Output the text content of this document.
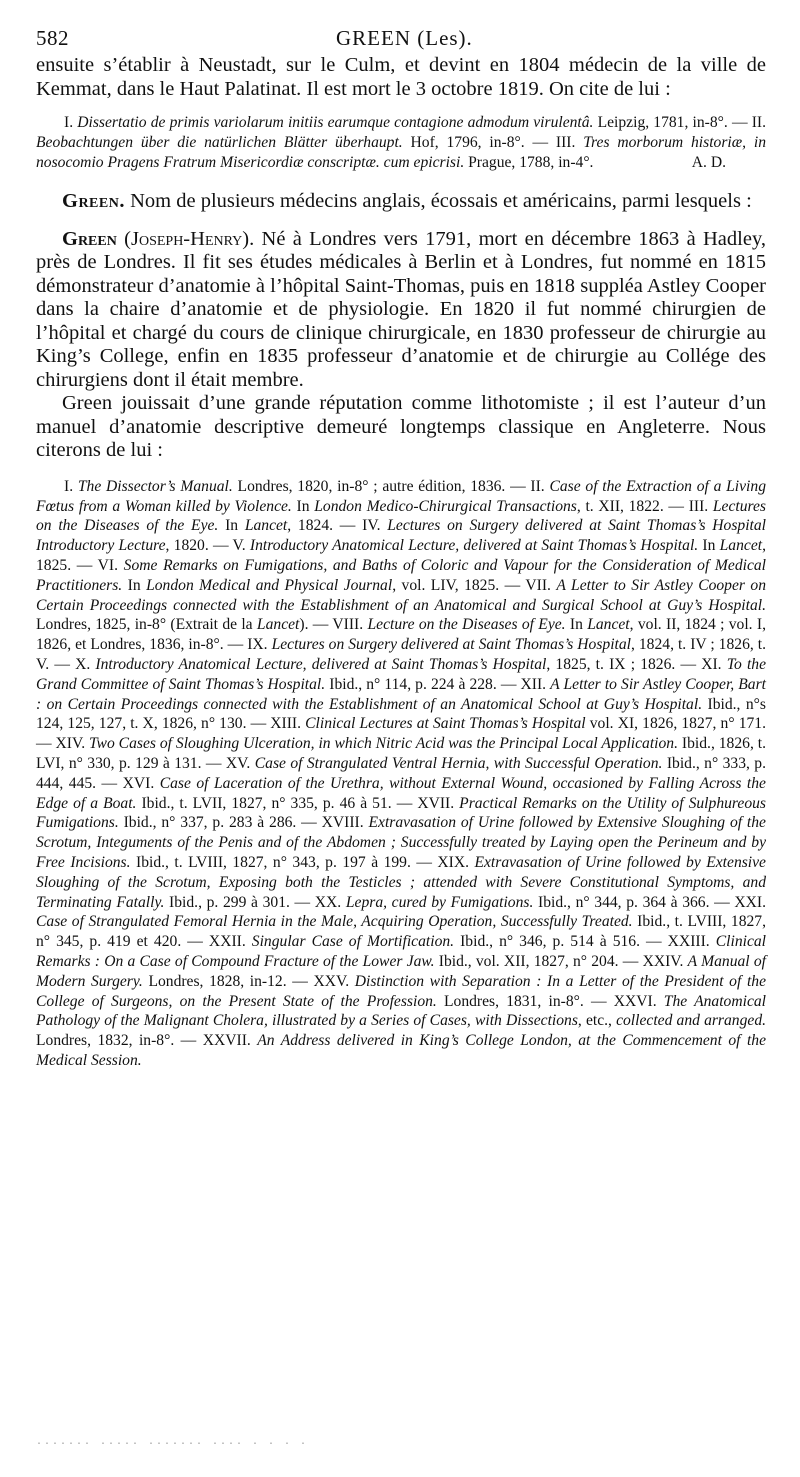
582	GREEN (Les).

ensuite s’établir à Neustadt, sur le Culm, et devint en 1804 médecin de la ville de Kemmat, dans le Haut Palatinat. Il est mort le 3 octobre 1819. On cite de lui :

I. Dissertatio de primis variolarum initiis earumque contagione admodum virulentâ. Leipzig, 1781, in-8°. — II. Beobachtungen über die natürlichen Blätter überhaupt. Hof, 1796, in-8°. — III. Tres morborum historiæ, in nosocomio Pragens Fratrum Misericordiæ conscriptæ. cum epicrisi. Prague, 1788, in-4°.	A. D.

Green. Nom de plusieurs médecins anglais, écossais et américains, parmi lesquels :

Green (Joseph-Henry). Né à Londres vers 1791, mort en décembre 1863 à Hadley, près de Londres. Il fit ses études médicales à Berlin et à Londres, fut nommé en 1815 démonstrateur d’anatomie à l’hôpital Saint-Thomas, puis en 1818 suppléa Astley Cooper dans la chaire d’anatomie et de physiologie. En 1820 il fut nommé chirurgien de l’hôpital et chargé du cours de clinique chirurgicale, en 1830 professeur de chirurgie au King’s College, enfin en 1835 professeur d’anatomie et de chirurgie au Collége des chirurgiens dont il était membre.

Green jouissait d’une grande réputation comme lithotomiste ; il est l’auteur d’un manuel d’anatomie descriptive demeuré longtemps classique en Angleterre. Nous citerons de lui :

I. The Dissector’s Manual. Londres, 1820, in-8° ; autre édition, 1836. — II. Case of the Extraction of a Living Fœtus from a Woman killed by Violence. In London Medico-Chirurgical Transactions, t. XII, 1822. — III. Lectures on the Diseases of the Eye. In Lancet, 1824. — IV. Lectures on Surgery delivered at Saint Thomas’s Hospital Introductory Lecture, 1820. — V. Introductory Anatomical Lecture, delivered at Saint Thomas’s Hospital. In Lancet, 1825. — VI. Some Remarks on Fumigations, and Baths of Coloric and Vapour for the Consideration of Medical Practitioners. In London Medical and Physical Journal, vol. LIV, 1825. — VII. A Letter to Sir Astley Cooper on Certain Proceedings connected with the Establishment of an Anatomical and Surgical School at Guy’s Hospital. Londres, 1825, in-8° (Extrait de la Lancet). — VIII. Lecture on the Diseases of Eye. In Lancet, vol. II, 1824 ; vol. I, 1826, et Londres, 1836, in-8°. — IX. Lectures on Surgery delivered at Saint Thomas’s Hospital, 1824, t. IV ; 1826, t. V. — X. Introductory Anatomical Lecture, delivered at Saint Thomas’s Hospital, 1825, t. IX ; 1826. — XI. To the Grand Committee of Saint Thomas’s Hospital. Ibid., n° 114, p. 224 à 228. — XII. A Letter to Sir Astley Cooper, Bart : on Certain Proceedings connected with the Establishment of an Anatomical School at Guy’s Hospital. Ibid., n°s 124, 125, 127, t. X, 1826, n° 130. — XIII. Clinical Lectures at Saint Thomas’s Hospital vol. XI, 1826, 1827, n° 171. — XIV. Two Cases of Sloughing Ulceration, in which Nitric Acid was the Principal Local Application. Ibid., 1826, t. LVI, n° 330, p. 129 à 131. — XV. Case of Strangulated Ventral Hernia, with Successful Operation. Ibid., n° 333, p. 444, 445. — XVI. Case of Laceration of the Urethra, without External Wound, occasioned by Falling Across the Edge of a Boat. Ibid., t. LVII, 1827, n° 335, p. 46 à 51. — XVII. Practical Remarks on the Utility of Sulphureous Fumigations. Ibid., n° 337, p. 283 à 286. — XVIII. Extravasation of Urine followed by Extensive Sloughing of the Scrotum, Integuments of the Penis and of the Abdomen ; Successfully treated by Laying open the Perineum and by Free Incisions. Ibid., t. LVIII, 1827, n° 343, p. 197 à 199. — XIX. Extravasation of Urine followed by Extensive Sloughing of the Scrotum, Exposing both the Testicles ; attended with Severe Constitutional Symptoms, and Terminating Fatally. Ibid., p. 299 à 301. — XX. Lepra, cured by Fumigations. Ibid., n° 344, p. 364 à 366. — XXI. Case of Strangulated Femoral Hernia in the Male, Acquiring Operation, Successfully Treated. Ibid., t. LVIII, 1827, n° 345, p. 419 et 420. — XXII. Singular Case of Mortification. Ibid., n° 346, p. 514 à 516. — XXIII. Clinical Remarks : On a Case of Compound Fracture of the Lower Jaw. Ibid., vol. XII, 1827, n° 204. — XXIV. A Manual of Modern Surgery. Londres, 1828, in-12. — XXV. Distinction with Separation : In a Letter of the President of the College of Surgeons, on the Present State of the Profession. Londres, 1831, in-8°. — XXVI. The Anatomical Pathology of the Malignant Cholera, illustrated by a Series of Cases, with Dissections, etc., collected and arranged. Londres, 1832, in-8°. — XXVII. An Address delivered in King’s College London, at the Commencement of the Medical Session.

....... ..... ....... .... . . . .
